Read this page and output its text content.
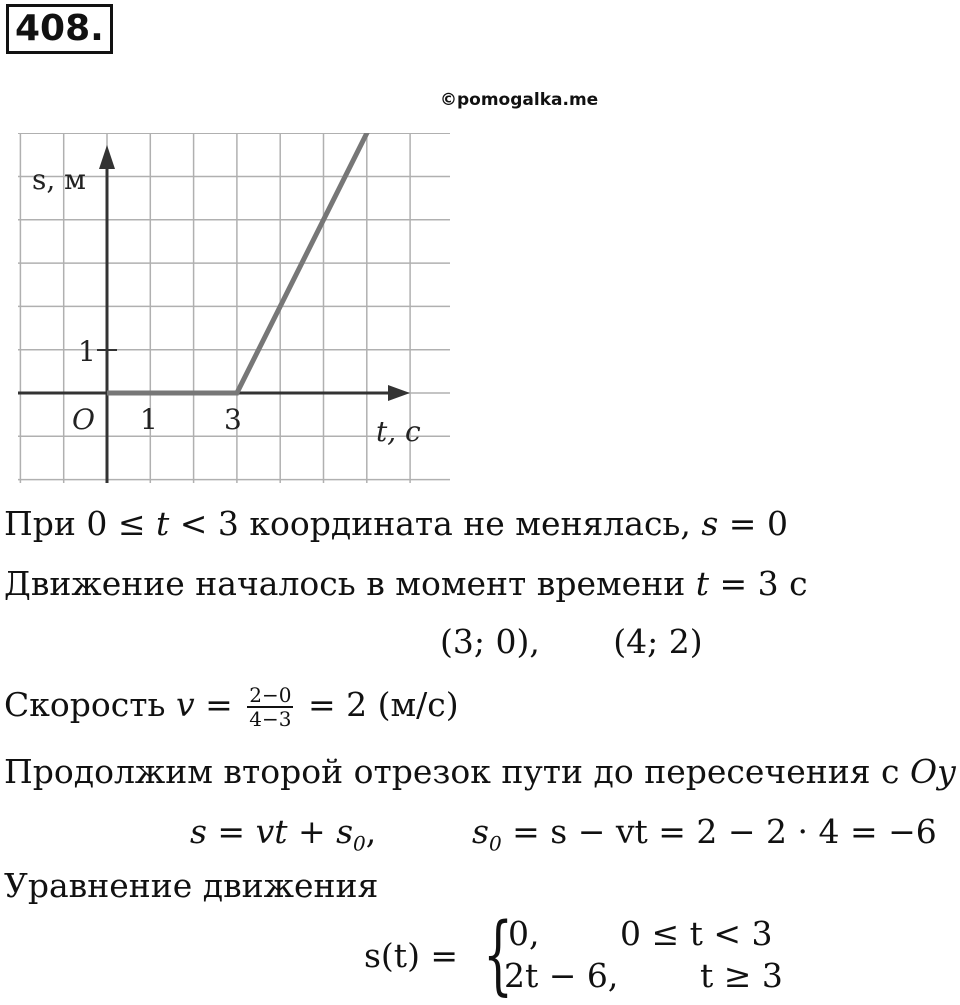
408.
©pomogalka.me
s, м
t, с
O 1 3
1
При 0 ≤ t < 3 координата не менялась, s = 0
Движение началось в момент времени t = 3 с
(3; 0),       (4; 2)
Скорость $v = \frac{2-0}{4-3} = 2$ (м/с)
Продолжим второй отрезок пути до пересечения с Oy
s = vt + $s_0$,	$s_0 = s$ − vt = 2 − 2 · 4 = −6
Уравнение движения
s(t) = {
0, 0 ≤ t < 3
2t − 6, t ≥ 3
